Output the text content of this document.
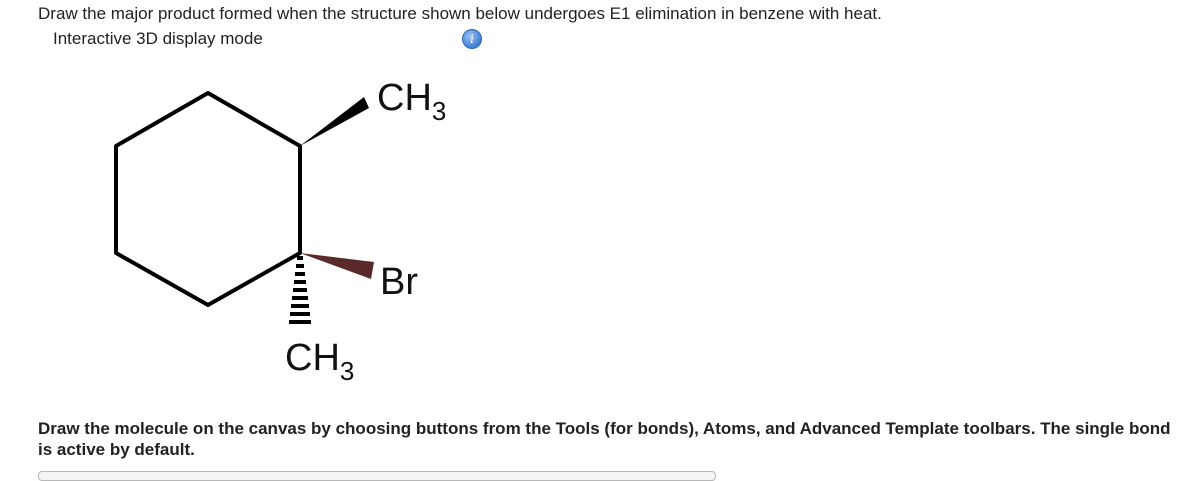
Draw the major product formed when the structure shown below undergoes E1 elimination in benzene with heat.
Interactive 3D display mode	i
$CH_3$
Br
$CH_3$
Draw the molecule on the canvas by choosing buttons from the Tools (for bonds), Atoms, and Advanced Template toolbars. The single bond is active by default.
